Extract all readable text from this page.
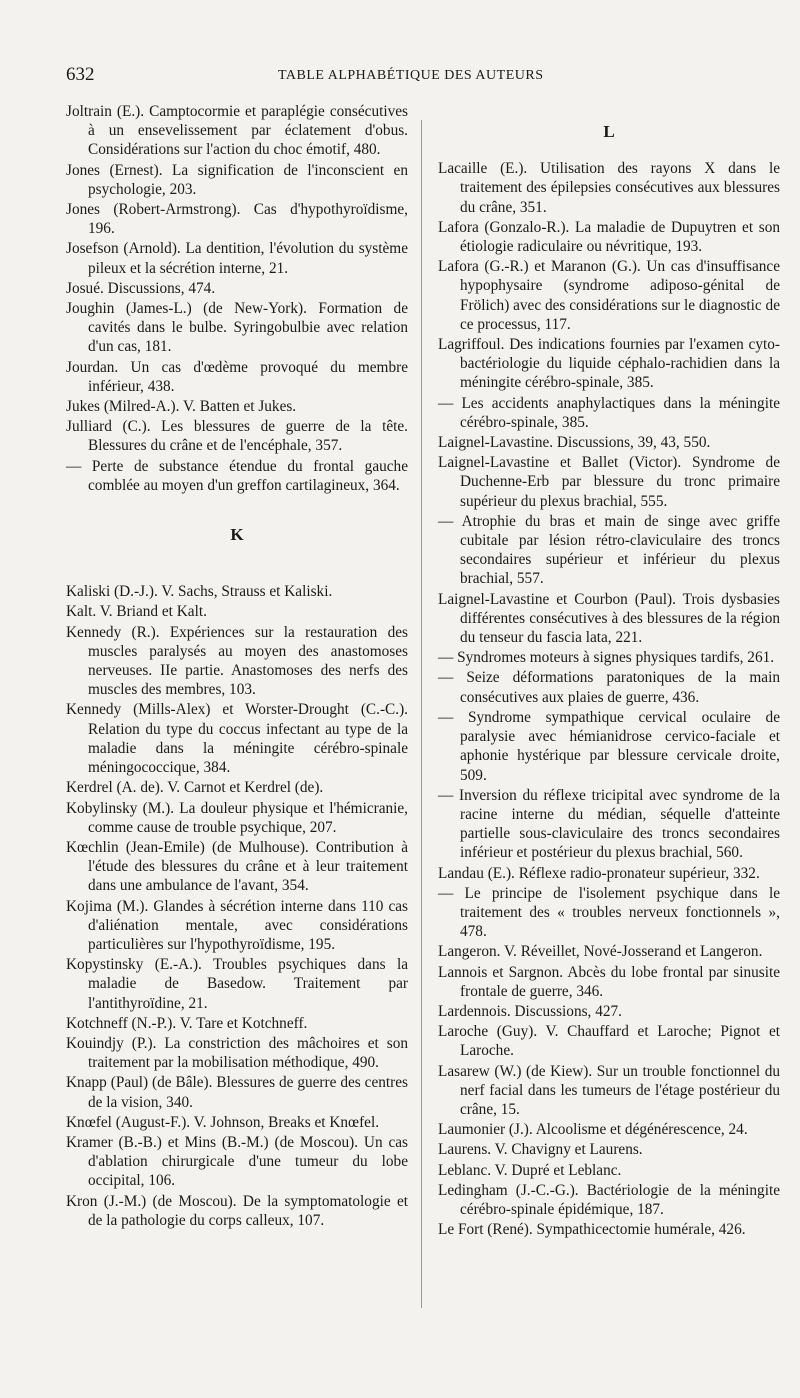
632	TABLE ALPHABÉTIQUE DES AUTEURS

Joltrain (E.). Camptocormie et paraplégie consécutives à un ensevelissement par éclatement d'obus. Considérations sur l'action du choc émotif, 480.

Jones (Ernest). La signification de l'inconscient en psychologie, 203.

Jones (Robert-Armstrong). Cas d'hypothyroïdisme, 196.

Josefson (Arnold). La dentition, l'évolution du système pileux et la sécrétion interne, 21.

Josué. Discussions, 474.

Joughin (James-L.) (de New-York). Formation de cavités dans le bulbe. Syringobulbie avec relation d'un cas, 181.

Jourdan. Un cas d'œdème provoqué du membre inférieur, 438.

Jukes (Milred-A.). V. Batten et Jukes.

Julliard (C.). Les blessures de guerre de la tête. Blessures du crâne et de l'encéphale, 357.

— Perte de substance étendue du frontal gauche comblée au moyen d'un greffon cartilagineux, 364.

K

Kaliski (D.-J.). V. Sachs, Strauss et Kaliski.

Kalt. V. Briand et Kalt.

Kennedy (R.). Expériences sur la restauration des muscles paralysés au moyen des anastomoses nerveuses. IIe partie. Anastomoses des nerfs des muscles des membres, 103.

Kennedy (Mills-Alex) et Worster-Drought (C.-C.). Relation du type du coccus infectant au type de la maladie dans la méningite cérébro-spinale méningococcique, 384.

Kerdrel (A. de). V. Carnot et Kerdrel (de).

Kobylinsky (M.). La douleur physique et l'hémicranie, comme cause de trouble psychique, 207.

Kœchlin (Jean-Emile) (de Mulhouse). Contribution à l'étude des blessures du crâne et à leur traitement dans une ambulance de l'avant, 354.

Kojima (M.). Glandes à sécrétion interne dans 110 cas d'aliénation mentale, avec considérations particulières sur l'hypothyroïdisme, 195.

Kopystinsky (E.-A.). Troubles psychiques dans la maladie de Basedow. Traitement par l'antithyroïdine, 21.

Kotchneff (N.-P.). V. Tare et Kotchneff.

Kouindjy (P.). La constriction des mâchoires et son traitement par la mobilisation méthodique, 490.

Knapp (Paul) (de Bâle). Blessures de guerre des centres de la vision, 340.

Knœfel (August-F.). V. Johnson, Breaks et Knœfel.

Kramer (B.-B.) et Mins (B.-M.) (de Moscou). Un cas d'ablation chirurgicale d'une tumeur du lobe occipital, 106.

Kron (J.-M.) (de Moscou). De la symptomatologie et de la pathologie du corps calleux, 107.

L

Lacaille (E.). Utilisation des rayons X dans le traitement des épilepsies consécutives aux blessures du crâne, 351.

Lafora (Gonzalo-R.). La maladie de Dupuytren et son étiologie radiculaire ou névritique, 193.

Lafora (G.-R.) et Maranon (G.). Un cas d'insuffisance hypophysaire (syndrome adiposo-génital de Frölich) avec des considérations sur le diagnostic de ce processus, 117.

Lagriffoul. Des indications fournies par l'examen cyto-bactériologie du liquide céphalo-rachidien dans la méningite cérébro-spinale, 385.

— Les accidents anaphylactiques dans la méningite cérébro-spinale, 385.

Laignel-Lavastine. Discussions, 39, 43, 550.

Laignel-Lavastine et Ballet (Victor). Syndrome de Duchenne-Erb par blessure du tronc primaire supérieur du plexus brachial, 555.

— Atrophie du bras et main de singe avec griffe cubitale par lésion rétro-claviculaire des troncs secondaires supérieur et inférieur du plexus brachial, 557.

Laignel-Lavastine et Courbon (Paul). Trois dysbasies différentes consécutives à des blessures de la région du tenseur du fascia lata, 221.

— Syndromes moteurs à signes physiques tardifs, 261.

— Seize déformations paratoniques de la main consécutives aux plaies de guerre, 436.

— Syndrome sympathique cervical oculaire de paralysie avec hémianidrose cervico-faciale et aphonie hystérique par blessure cervicale droite, 509.

— Inversion du réflexe tricipital avec syndrome de la racine interne du médian, séquelle d'atteinte partielle sous-claviculaire des troncs secondaires inférieur et postérieur du plexus brachial, 560.

Landau (E.). Réflexe radio-pronateur supérieur, 332.

— Le principe de l'isolement psychique dans le traitement des « troubles nerveux fonctionnels », 478.

Langeron. V. Réveillet, Nové-Josserand et Langeron.

Lannois et Sargnon. Abcès du lobe frontal par sinusite frontale de guerre, 346.

Lardennois. Discussions, 427.

Laroche (Guy). V. Chauffard et Laroche; Pignot et Laroche.

Lasarew (W.) (de Kiew). Sur un trouble fonctionnel du nerf facial dans les tumeurs de l'étage postérieur du crâne, 15.

Laumonier (J.). Alcoolisme et dégénérescence, 24.

Laurens. V. Chavigny et Laurens.

Leblanc. V. Dupré et Leblanc.

Ledingham (J.-C.-G.). Bactériologie de la méningite cérébro-spinale épidémique, 187.

Le Fort (René). Sympathicectomie humérale, 426.
